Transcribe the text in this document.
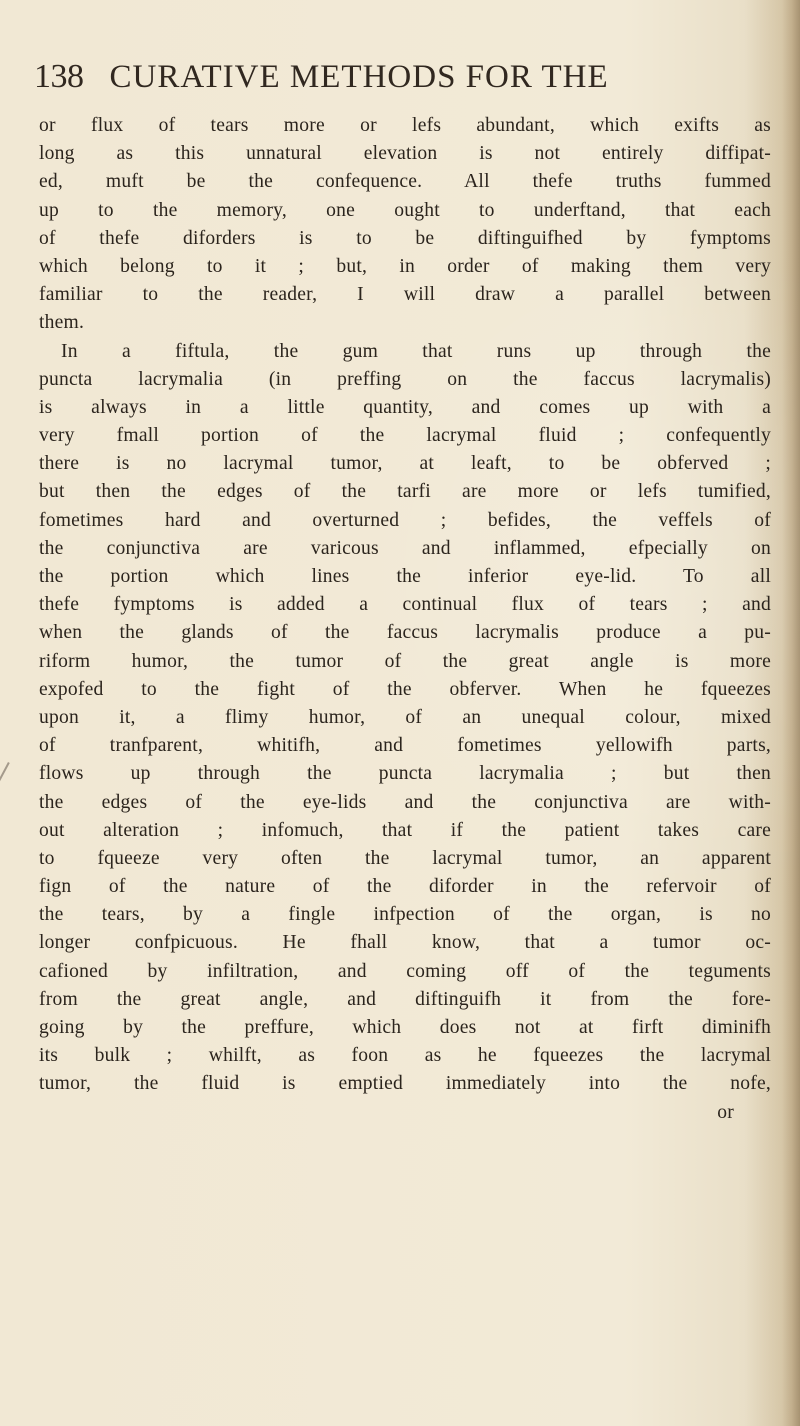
138 CURATIVE METHODS FOR THE
or flux of tears more or lefs abundant, which exifts as
long as this unnatural elevation is not entirely diffipat-
ed, muft be the confequence. All thefe truths fummed
up to the memory, one ought to underftand, that each
of thefe diforders is to be diftinguifhed by fymptoms
which belong to it ; but, in order of making them very
familiar to the reader, I will draw a parallel between
them.
In a fiftula, the gum that runs up through the
puncta lacrymalia (in preffing on the faccus lacrymalis)
is always in a little quantity, and comes up with a
very fmall portion of the lacrymal fluid ; confequently
there is no lacrymal tumor, at leaft, to be obferved ;
but then the edges of the tarfi are more or lefs tumified,
fometimes hard and overturned ; befides, the veffels of
the conjunctiva are varicous and inflammed, efpecially on
the portion which lines the inferior eye-lid. To all
thefe fymptoms is added a continual flux of tears ; and
when the glands of the faccus lacrymalis produce a pu-
riform humor, the tumor of the great angle is more
expofed to the fight of the obferver. When he fqueezes
upon it, a flimy humor, of an unequal colour, mixed
of tranfparent, whitifh, and fometimes yellowifh parts,
flows up through the puncta lacrymalia ; but then
the edges of the eye-lids and the conjunctiva are with-
out alteration ; infomuch, that if the patient takes care
to fqueeze very often the lacrymal tumor, an apparent
fign of the nature of the diforder in the refervoir of
the tears, by a fingle infpection of the organ, is no
longer confpicuous. He fhall know, that a tumor oc-
cafioned by infiltration, and coming off of the teguments
from the great angle, and diftinguifh it from the fore-
going by the preffure, which does not at firft diminifh
its bulk ; whilft, as foon as he fqueezes the lacrymal
tumor, the fluid is emptied immediately into the nofe,
or
